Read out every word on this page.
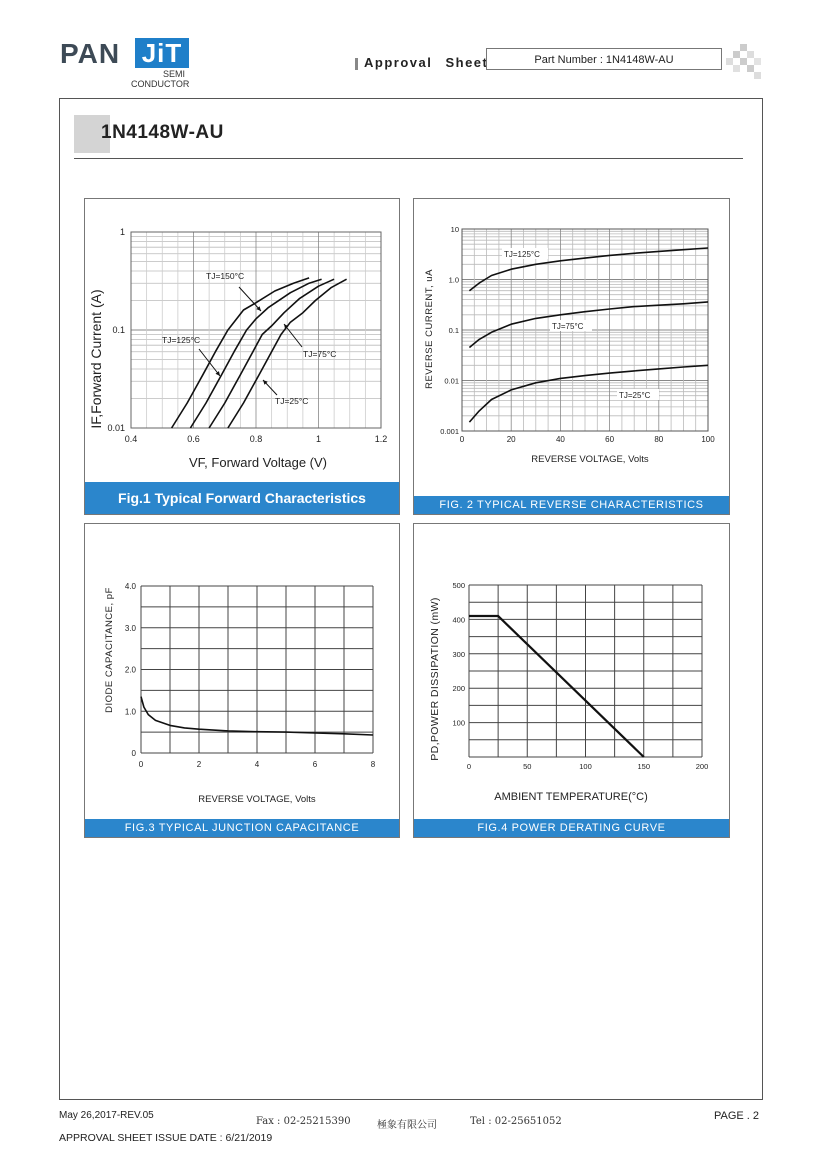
PAN JiT
SEMI
CONDUCTOR
Approval Sheet	Part Number : 1N4148W-AU
1N4148W-AU
IF,Forward Current (A)
VF, Forward Voltage (V)
0.4	0.6	0.8	1	1.2
0.01
0.1
1
TJ=150°C
TJ=125°C
TJ=75°C
TJ=25°C
Fig.1 Typical Forward Characteristics
REVERSE CURRENT, uA
REVERSE VOLTAGE, Volts
0	20	40	60	80	100
0.001
0.01
0.1
1.0
10
TJ=125°C
TJ=75°C
TJ=25°C
FIG. 2 TYPICAL REVERSE CHARACTERISTICS
DIODE CAPACITANCE, pF
REVERSE VOLTAGE, Volts
0	2	4	6	8
0
1.0
2.0
3.0
4.0
FIG.3 TYPICAL JUNCTION CAPACITANCE
PD,POWER DISSIPATION (mW)
AMBIENT TEMPERATURE(°C)
0	50	100	150	200
100
200
300
400
500
FIG.4 POWER DERATING CURVE
May 26,2017-REV.05
Fax : 02-25215390	極象有限公司	Tel : 02-25651052	PAGE . 2
APPROVAL SHEET ISSUE DATE : 6/21/2019
